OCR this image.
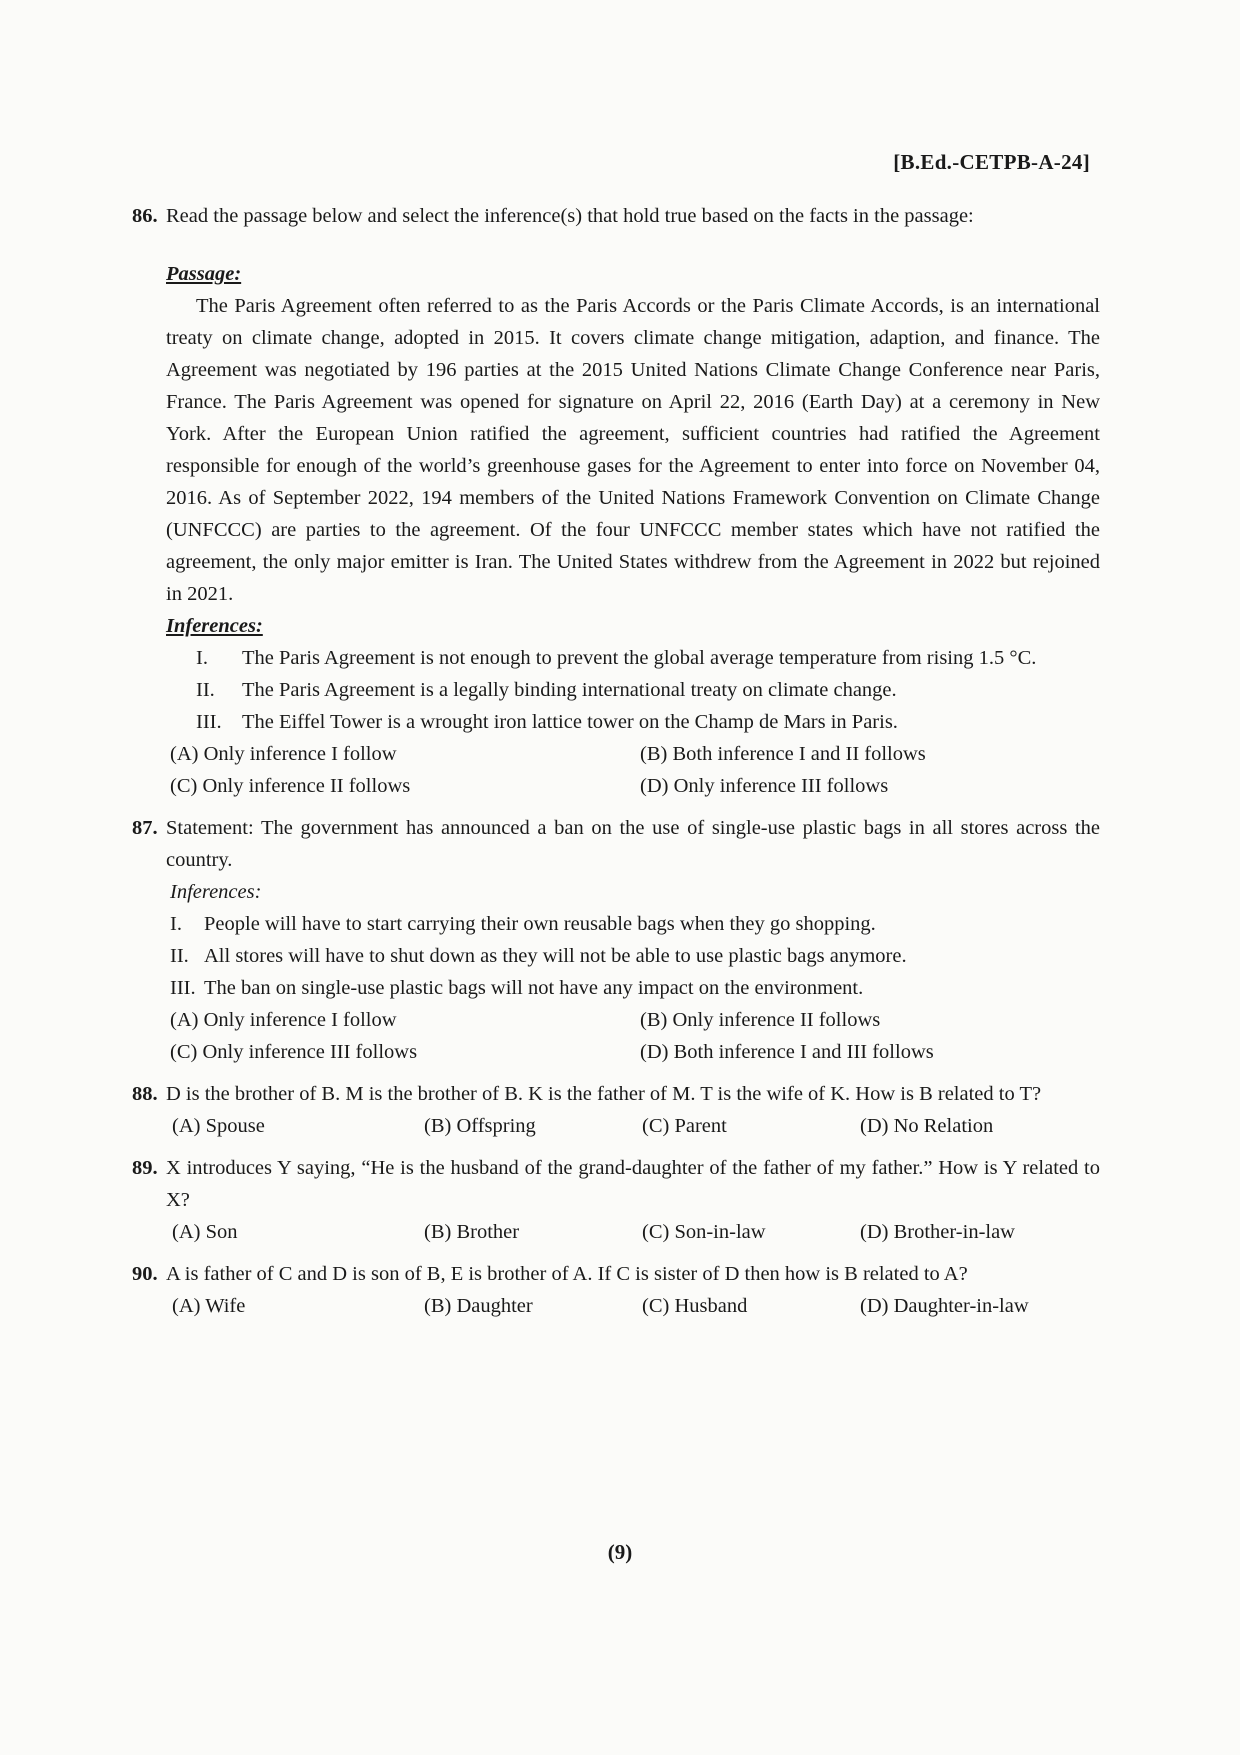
[B.Ed.-CETPB-A-24]
86. Read the passage below and select the inference(s) that hold true based on the facts in the passage:
Passage:
The Paris Agreement often referred to as the Paris Accords or the Paris Climate Accords, is an international treaty on climate change, adopted in 2015. It covers climate change mitigation, adaption, and finance. The Agreement was negotiated by 196 parties at the 2015 United Nations Climate Change Conference near Paris, France. The Paris Agreement was opened for signature on April 22, 2016 (Earth Day) at a ceremony in New York. After the European Union ratified the agreement, sufficient countries had ratified the Agreement responsible for enough of the world’s greenhouse gases for the Agreement to enter into force on November 04, 2016. As of September 2022, 194 members of the United Nations Framework Convention on Climate Change (UNFCCC) are parties to the agreement. Of the four UNFCCC member states which have not ratified the agreement, the only major emitter is Iran. The United States withdrew from the Agreement in 2022 but rejoined in 2021.
Inferences:
I. The Paris Agreement is not enough to prevent the global average temperature from rising 1.5 °C.
II. The Paris Agreement is a legally binding international treaty on climate change.
III. The Eiffel Tower is a wrought iron lattice tower on the Champ de Mars in Paris.
(A) Only inference I follow	(B) Both inference I and II follows
(C) Only inference II follows	(D) Only inference III follows
87. Statement: The government has announced a ban on the use of single-use plastic bags in all stores across the country.
Inferences:
I. People will have to start carrying their own reusable bags when they go shopping.
II. All stores will have to shut down as they will not be able to use plastic bags anymore.
III. The ban on single-use plastic bags will not have any impact on the environment.
(A) Only inference I follow	(B) Only inference II follows
(C) Only inference III follows	(D) Both inference I and III follows
88. D is the brother of B. M is the brother of B. K is the father of M. T is the wife of K. How is B related to T?
(A) Spouse	(B) Offspring	(C) Parent	(D) No Relation
89. X introduces Y saying, “He is the husband of the grand-daughter of the father of my father.” How is Y related to X?
(A) Son	(B) Brother	(C) Son-in-law	(D) Brother-in-law
90. A is father of C and D is son of B, E is brother of A. If C is sister of D then how is B related to A?
(A) Wife	(B) Daughter	(C) Husband	(D) Daughter-in-law
(9)
